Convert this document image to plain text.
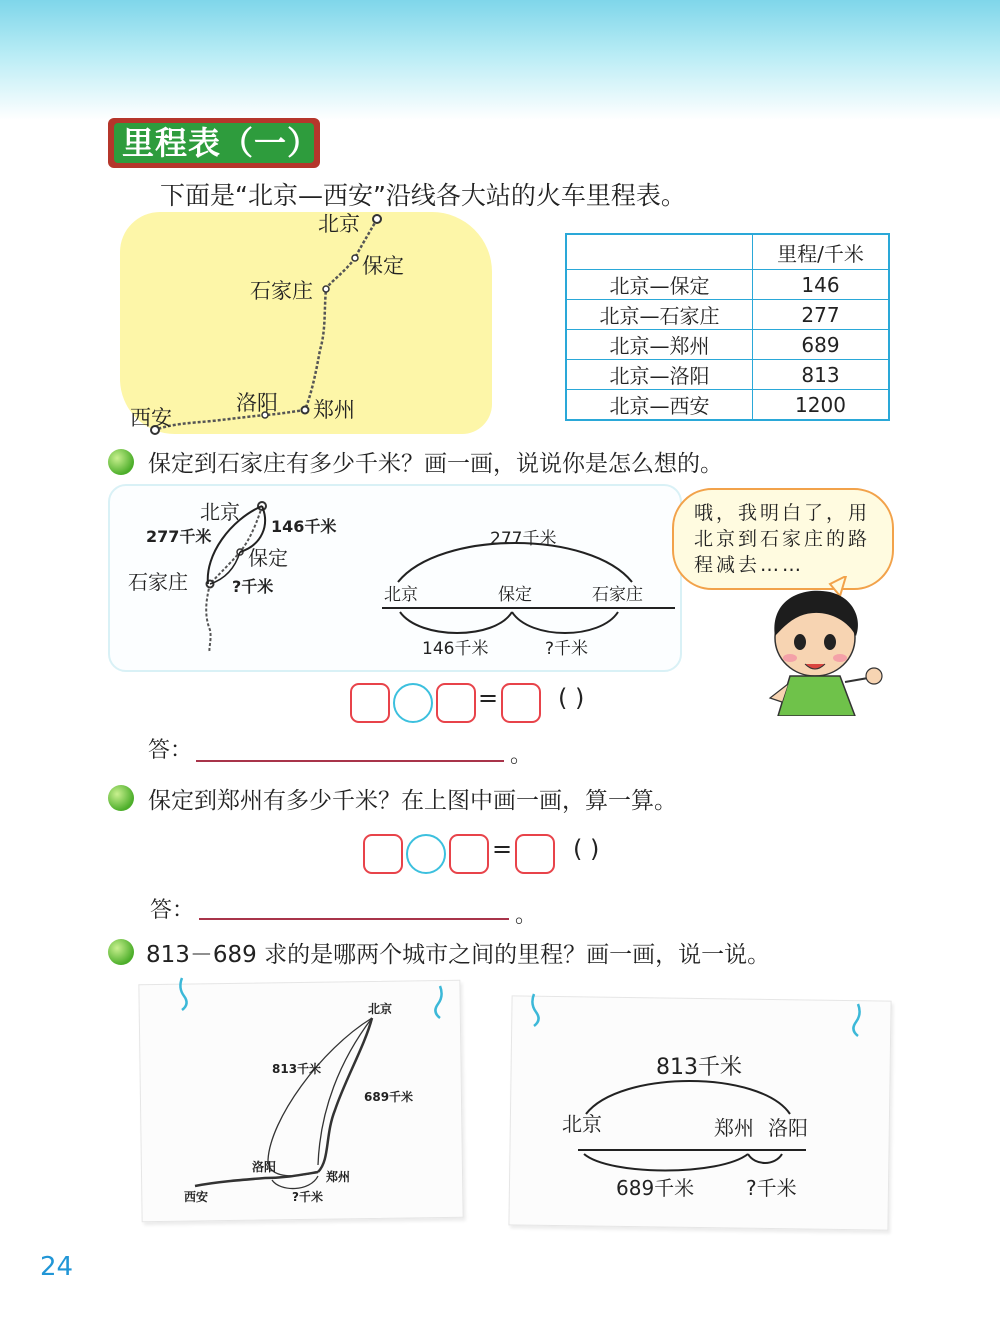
里程表（一）
下面是“北京—西安”沿线各大站的火车里程表。
北京
保定
石家庄
郑州
洛阳
西安
	里程/千米
北京—保定	146
北京—石家庄	277
北京—郑州	689
北京—洛阳	813
北京—西安	1200
保定到石家庄有多少千米？画一画，说说你是怎么想的。
北京
277千米
146千米
保定
石家庄	?千米
277千米
北京	保定	石家庄
146千米	?千米
哦，我明白了，用北京到石家庄的路程减去……
= ( )
答：	。
保定到郑州有多少千米？在上图中画一画，算一算。
=	( )
答：	。
813－689 求的是哪两个城市之间的里程？画一画，说一说。
北京
813千米
689千米
洛阳
郑州
西安	?千米
813千米
北京	郑州 洛阳
689千米	?千米
24
